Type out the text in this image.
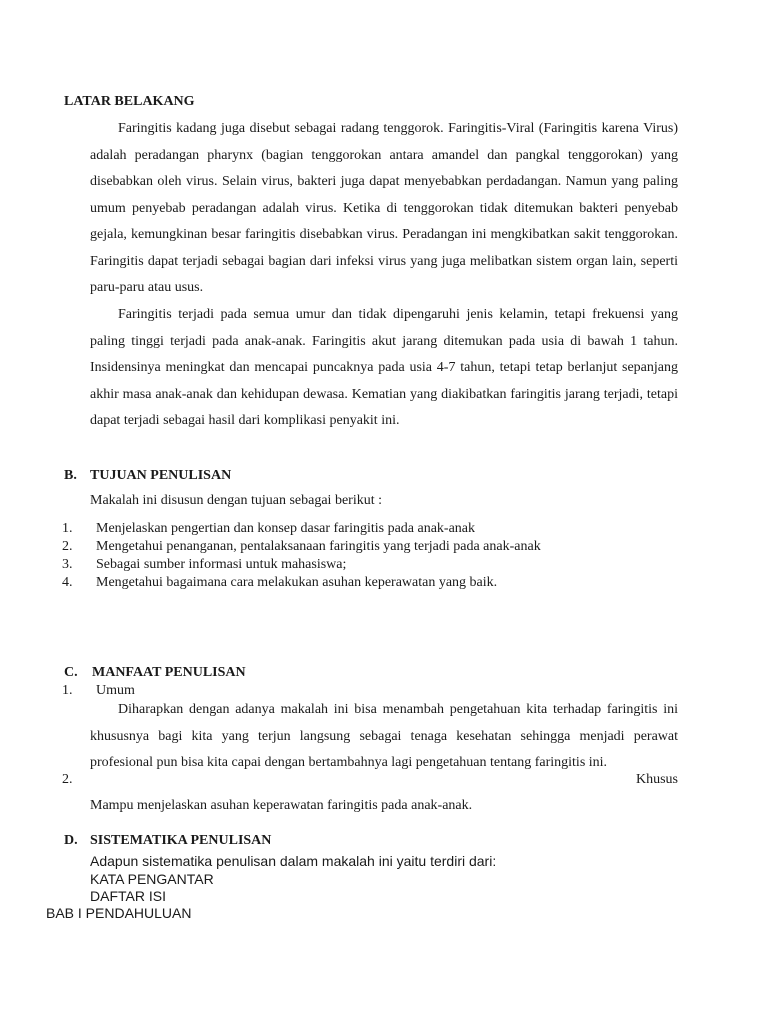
LATAR BELAKANG

Faringitis kadang juga disebut sebagai radang tenggorok. Faringitis-Viral (Faringitis karena Virus) adalah peradangan pharynx (bagian tenggorokan antara amandel dan pangkal tenggorokan) yang disebabkan oleh virus. Selain virus, bakteri juga dapat menyebabkan perdadangan. Namun yang paling umum penyebab peradangan adalah virus. Ketika di tenggorokan tidak ditemukan bakteri penyebab gejala, kemungkinan besar faringitis disebabkan virus. Peradangan ini mengkibatkan sakit tenggorokan. Faringitis dapat terjadi sebagai bagian dari infeksi virus yang juga melibatkan sistem organ lain, seperti paru-paru atau usus.

Faringitis terjadi pada semua umur dan tidak dipengaruhi jenis kelamin, tetapi frekuensi yang paling tinggi terjadi pada anak-anak. Faringitis akut jarang ditemukan pada usia di bawah 1 tahun. Insidensinya meningkat dan mencapai puncaknya pada usia 4-7 tahun, tetapi tetap berlanjut sepanjang akhir masa anak-anak dan kehidupan dewasa. Kematian yang diakibatkan faringitis jarang terjadi, tetapi dapat terjadi sebagai hasil dari komplikasi penyakit ini.

B. TUJUAN PENULISAN
Makalah ini disusun dengan tujuan sebagai berikut :
1. Menjelaskan pengertian dan konsep dasar faringitis pada anak-anak
2. Mengetahui penanganan, pentalaksanaan faringitis yang terjadi pada anak-anak
3. Sebagai sumber informasi untuk mahasiswa;
4. Mengetahui bagaimana cara melakukan asuhan keperawatan yang baik.
C. MANFAAT PENULISAN
1. Umum

Diharapkan dengan adanya makalah ini bisa menambah pengetahuan kita terhadap faringitis ini khususnya bagi kita yang terjun langsung sebagai tenaga kesehatan sehingga menjadi perawat profesional pun bisa kita capai dengan bertambahnya lagi pengetahuan tentang faringitis ini.

2.	Khusus
Mampu menjelaskan asuhan keperawatan faringitis pada anak-anak.
D. SISTEMATIKA PENULISAN
Adapun sistematika penulisan dalam makalah ini yaitu terdiri dari:
KATA PENGANTAR
DAFTAR ISI
BAB I PENDAHULUAN
